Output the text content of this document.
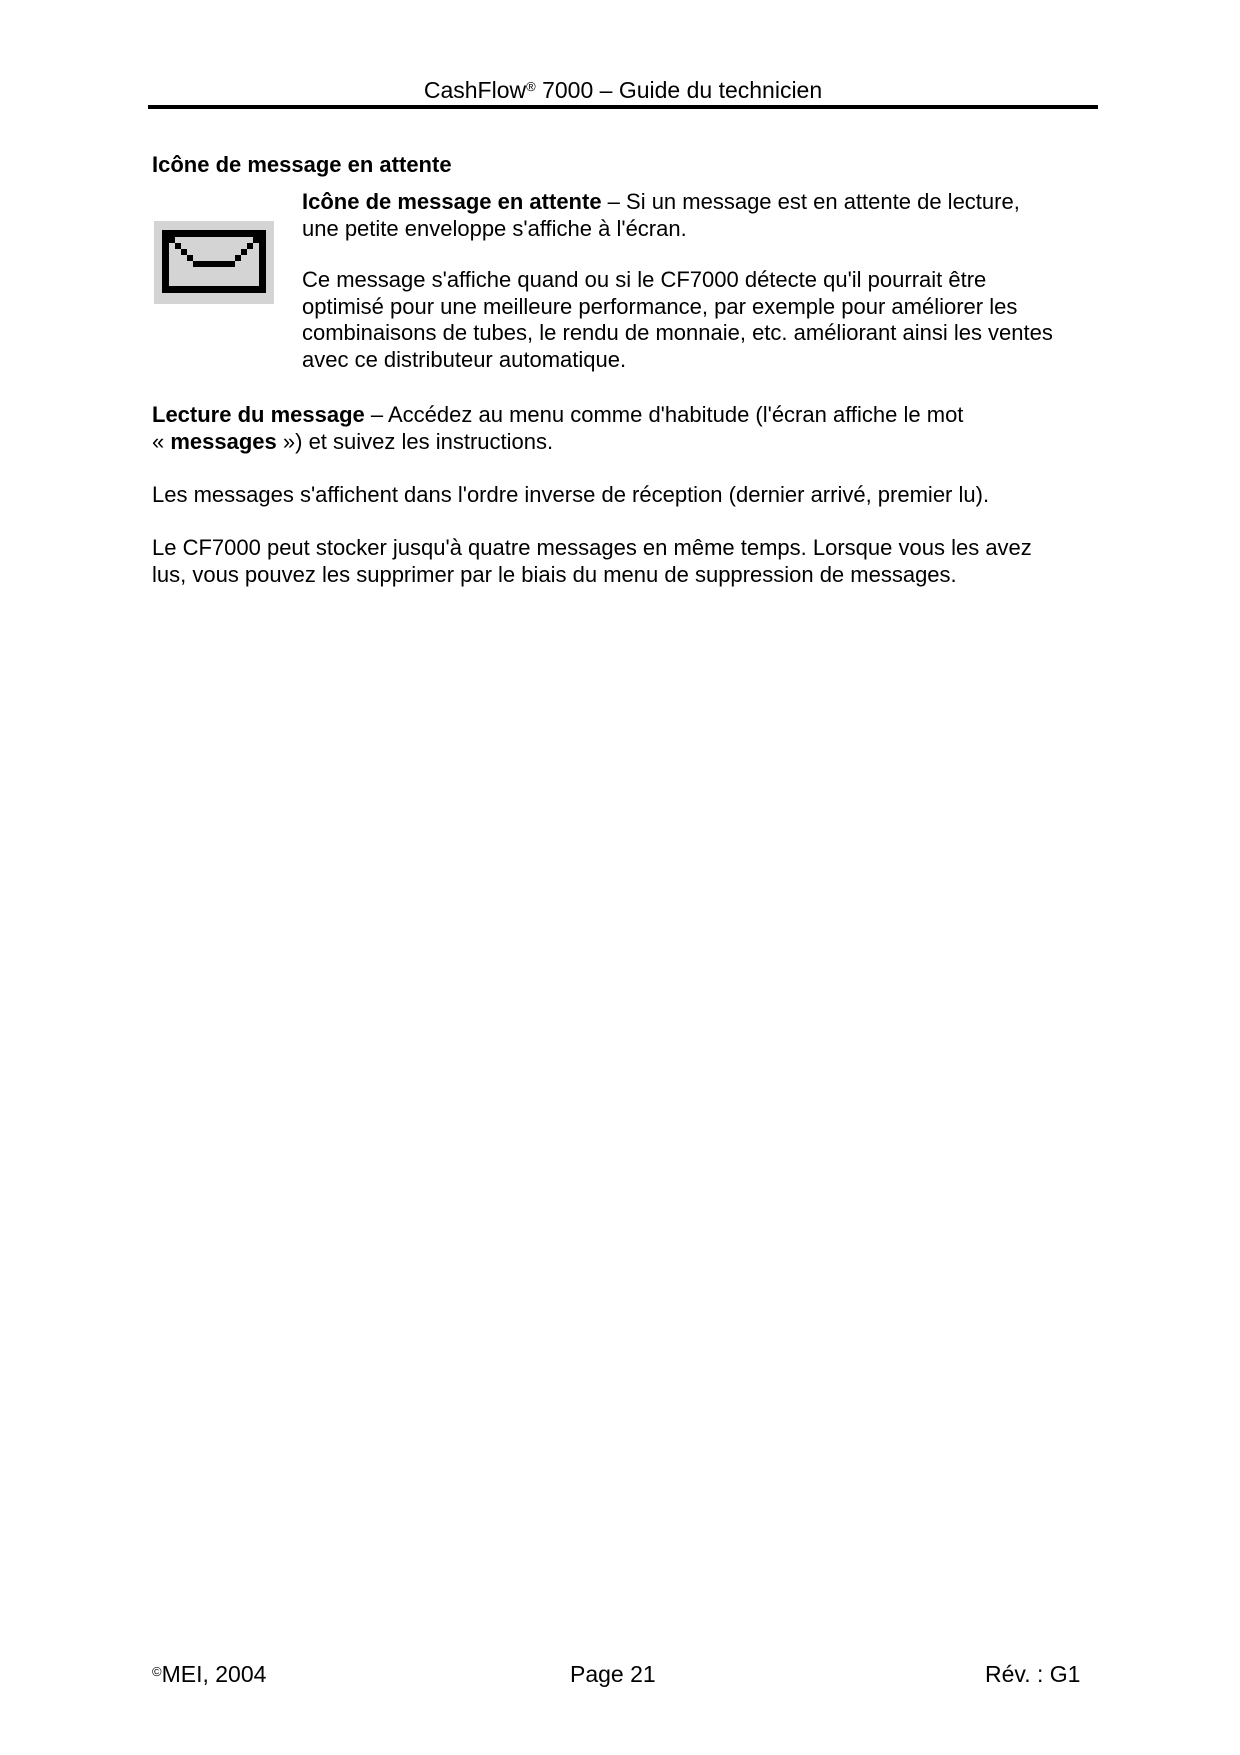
CashFlow® 7000 – Guide du technicien
Icône de message en attente

Icône de message en attente – Si un message est en attente de lecture,
une petite enveloppe s'affiche à l'écran.

Ce message s'affiche quand ou si le CF7000 détecte qu'il pourrait être
optimisé pour une meilleure performance, par exemple pour améliorer les
combinaisons de tubes, le rendu de monnaie, etc. améliorant ainsi les ventes
avec ce distributeur automatique.

Lecture du message – Accédez au menu comme d'habitude (l'écran affiche le mot
« messages ») et suivez les instructions.

Les messages s'affichent dans l'ordre inverse de réception (dernier arrivé, premier lu).

Le CF7000 peut stocker jusqu'à quatre messages en même temps. Lorsque vous les avez
lus, vous pouvez les supprimer par le biais du menu de suppression de messages.

©MEI, 2004	Page 21	Rév. : G1
